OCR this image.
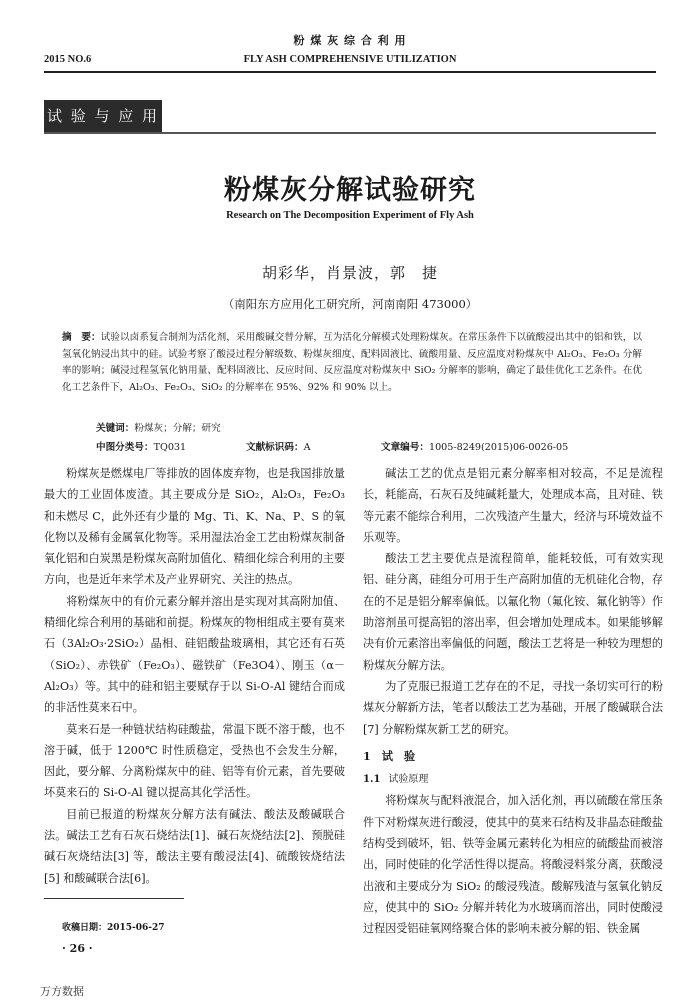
粉 煤 灰 综 合 利 用
2015 NO.6	FLY ASH COMPREHENSIVE UTILIZATION
试 验 与 应 用
粉煤灰分解试验研究
Research on The Decomposition Experiment of Fly Ash
胡彩华，肖景波，郭　捷
（南阳东方应用化工研究所，河南南阳 473000）
摘　要：试验以卤系复合制剂为活化剂，采用酸碱交替分解，互为活化分解模式处理粉煤灰。在常压条件下以硫酸浸出其中的铝和铁，以氢氧化钠浸出其中的硅。试验考察了酸浸过程分解级数、粉煤灰细度、配料固液比、硫酸用量、反应温度对粉煤灰中 Al₂O₃、Fe₂O₃ 分解率的影响；碱浸过程氢氧化钠用量、配料固液比、反应时间、反应温度对粉煤灰中 SiO₂ 分解率的影响，确定了最佳优化工艺条件。在优化工艺条件下，Al₂O₃、Fe₂O₃、SiO₂ 的分解率在 95%、92% 和 90% 以上。
关键词：粉煤灰；分解；研究
中图分类号：TQ031	文献标识码：A	文章编号：1005-8249(2015)06-0026-05

粉煤灰是燃煤电厂等排放的固体废弃物，也是我国排放量最大的工业固体废渣。其主要成分是 SiO₂，Al₂O₃，Fe₂O₃ 和未燃尽 C，此外还有少量的 Mg、Ti、K、Na、P、S 的氧化物以及稀有金属氧化物等。采用湿法冶金工艺由粉煤灰制备氧化铝和白炭黑是粉煤灰高附加值化、精细化综合利用的主要方向，也是近年来学术及产业界研究、关注的热点。

将粉煤灰中的有价元素分解并溶出是实现对其高附加值、精细化综合利用的基础和前提。粉煤灰的物相组成主要有莫来石（3Al₂O₃·2SiO₂）晶相、硅铝酸盐玻璃相，其它还有石英（SiO₂）、赤铁矿（Fe₂O₃）、磁铁矿（Fe3O4）、刚玉（α－Al₂O₃）等。其中的硅和铝主要赋存于以 Si-O-Al 键结合而成的非活性莫来石中。

莫来石是一种链状结构硅酸盐，常温下既不溶于酸，也不溶于碱，低于 1200℃ 时性质稳定，受热也不会发生分解，因此，要分解、分离粉煤灰中的硅、铝等有价元素，首先要破坏莫来石的 Si-O-Al 键以提高其化学活性。

目前已报道的粉煤灰分解方法有碱法、酸法及酸碱联合法。碱法工艺有石灰石烧结法[1]、碱石灰烧结法[2]、预脱硅碱石灰烧结法[3] 等，酸法主要有酸浸法[4]、硫酸铵烧结法[5] 和酸碱联合法[6]。

碱法工艺的优点是铝元素分解率相对较高，不足是流程长，耗能高，石灰石及纯碱耗量大，处理成本高，且对硅、铁等元素不能综合利用，二次残渣产生量大，经济与环境效益不乐观等。

酸法工艺主要优点是流程简单，能耗较低，可有效实现铝、硅分离，硅组分可用于生产高附加值的无机硅化合物，存在的不足是铝分解率偏低。以氟化物（氟化铵、氟化钠等）作助溶剂虽可提高铝的溶出率，但会增加处理成本。如果能够解决有价元素溶出率偏低的问题，酸法工艺将是一种较为理想的粉煤灰分解方法。

为了克服已报道工艺存在的不足，寻找一条切实可行的粉煤灰分解新方法，笔者以酸法工艺为基础，开展了酸碱联合法[7] 分解粉煤灰新工艺的研究。

1　试　验

1.1 试验原理

将粉煤灰与配料液混合，加入活化剂，再以硫酸在常压条件下对粉煤灰进行酸浸，使其中的莫来石结构及非晶态硅酸盐结构受到破坏，铝、铁等金属元素转化为相应的硫酸盐而被溶出，同时使硅的化学活性得以提高。将酸浸料浆分离，获酸浸出液和主要成分为 SiO₂ 的酸浸残渣。酸解残渣与氢氧化钠反应，使其中的 SiO₂ 分解并转化为水玻璃而溶出，同时使酸浸过程因受铝硅氧网络聚合体的影响未被分解的铝、铁金属

收稿日期：2015-06-27
· 26 ·
万方数据
